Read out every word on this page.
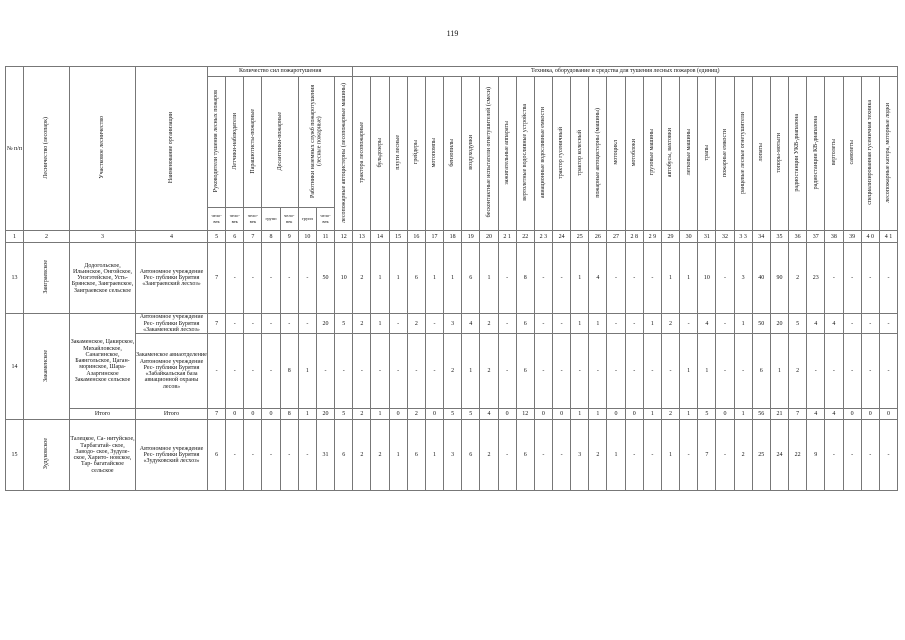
119
№ п/п	Лесничество (лесопарк)	Участковое лесничество	Наименование организации	Количество сил пожаротушения								Техника, оборудование и средства для тушения лесных пожаров (единиц)																													
				Руководители тушения лесных пожаров	Летчики-наблюдатели	Парашютисты-пожарные	Десантники-пожарные		Работники наземных служб пожаротушения (лесные пожарные)		лесопожарные автоцистерны (лесопожарные машины)	трактора лесопожарные	бульдозеры	плуги лесные	грейдеры	мотопомпы	бензопилы	воздуходувки	бесконтактные испытатели огнетушителей (смеси)	зажигательные аппараты	вертолетные водосливные устройства	авиационные водосливные емкости	трактор гусеничный	трактор колесный	пожарные автоцистерны (машины)	мотоцикл	мотоблоки	грузовые машины	автобусы, вахтовки	легковые машины	трапы	пожарные емкости	ранцевые лесные огнетушители	лопаты	топоры-мотыги	радиостанции УКВ-диапазона	радиостанции КВ-диапазона	вертолеты	самолеты	специализированная гусеничная техника	лесопожарные катера, моторные лодки
				чело- век	чело- век	чело- век	групп	чело- век	групп	чело- век																															
1	2	3	4	5	6	7	8	9	10	11	12	13	14	15	16	17	18	19	20	2 1	22	2 3	24	25	26	27	2 8	2 9	29	30	31	32	3 3	34	35	36	37	38	39	4 0	4 1
13	Заиграевское	Додогольское, Ильинское, Онгойское, Унэгэтейское, Усть-Брянское, Заиграевское, Заиграевское сельское	Автономное учреждение Рес- публики Бурятия «Заиграевский лесхоз»	7	-	-	-	-	-	50	10	2	1	1	6	1	1	6	1	-	8	-	-	1	4	-	-	-	1	1	10	-	3	40	90	2	23	-	-	-	-
14	Закаменское	Закаменское, Цакирское, Михайловское, Санагинское, Баянгольское, Цаган- моринское, Шара- Азаргинское Закаменское сельское	Автономное учреждение Рес- публики Бурятия «Закаменский лесхоз»	7	-	-	-	-	-	20	5	2	1	-	2	-	3	4	2	-	6	-	-	1	1	-	-	1	2	-	4	-	1	50	20	5	4	4	-	-	-
			Закаменское авиаотделение Автономное учреждение Рес- публики Бурятия «Забайкальская база авиационной охраны лесов»	-	-	-	-	8	1	-	-	-	-	-	-	-	2	1	2	-	6	-	-	-	-	-	-	-	-	1	1	-	-	6	1	2	-	-	-	-	-
		Итого	Итого	7	0	0	0	8	1	20	5	2	1	0	2	0	5	5	4	0	12	0	0	1	1	0	0	1	2	1	5	0	1	56	21	7	4	4	0	0	0
15	Зудуковское	Талецкое, Са- нитуйское, Тарбагатай- ское, Заводо- ское, Зудуле- ское, Харито- новское, Тар- багатайское сельское	Автономное учреждение Рес- публики Бурятия «Зудуковский лесхоз»	6	-	-	-	-	-	31	6	2	2	1	6	1	3	6	2	-	6	-	-	3	2	1	-	-	1	-	7	-	2	25	24	22	9	-	-	-	-
